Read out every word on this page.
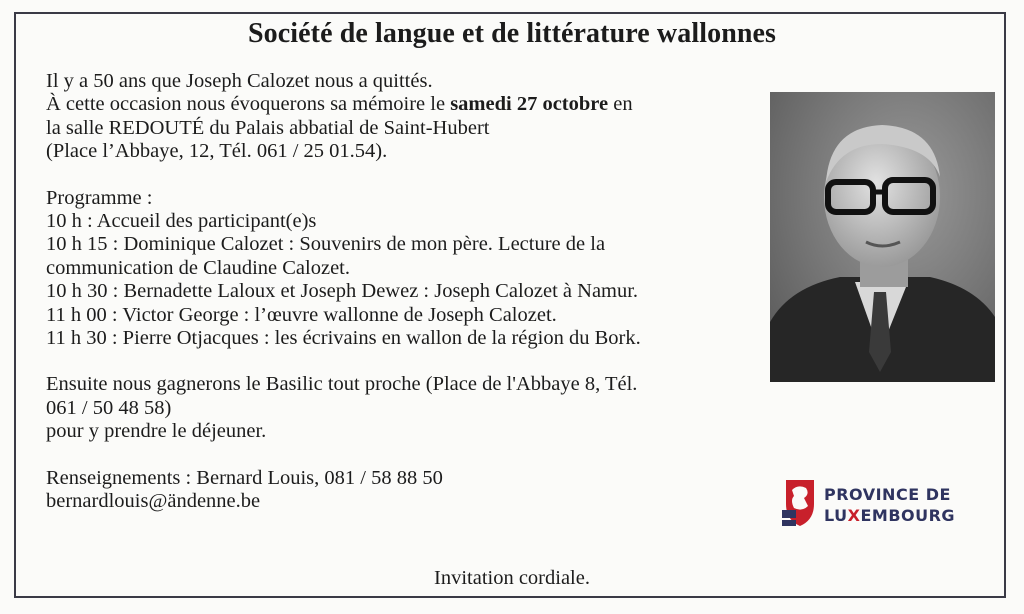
Société de langue et de littérature wallonnes
Il y a 50 ans que Joseph Calozet nous a quittés.
À cette occasion nous évoquerons sa mémoire le samedi 27 octobre en
la salle REDOUTÉ du Palais abbatial de Saint-Hubert
(Place l’Abbaye, 12, Tél. 061 / 25 01.54).
Programme :
10 h : Accueil des participant(e)s
10 h 15 : Dominique Calozet : Souvenirs de mon père. Lecture de la
communication de Claudine Calozet.
10 h 30 : Bernadette Laloux et Joseph Dewez : Joseph Calozet à Namur.
11 h 00 : Victor George : l’œuvre wallonne de Joseph Calozet.
11 h 30 : Pierre Otjacques : les écrivains en wallon de la région du Bork.
Ensuite nous gagnerons le Basilic tout proche (Place de l'Abbaye 8, Tél.
061 / 50 48 58)
pour y prendre le déjeuner.
Renseignements : Bernard Louis, 081 / 58 88 50
bernardlouis@ändenne.be	PROVINCE DE
LUXEMBOURG
Invitation cordiale.
